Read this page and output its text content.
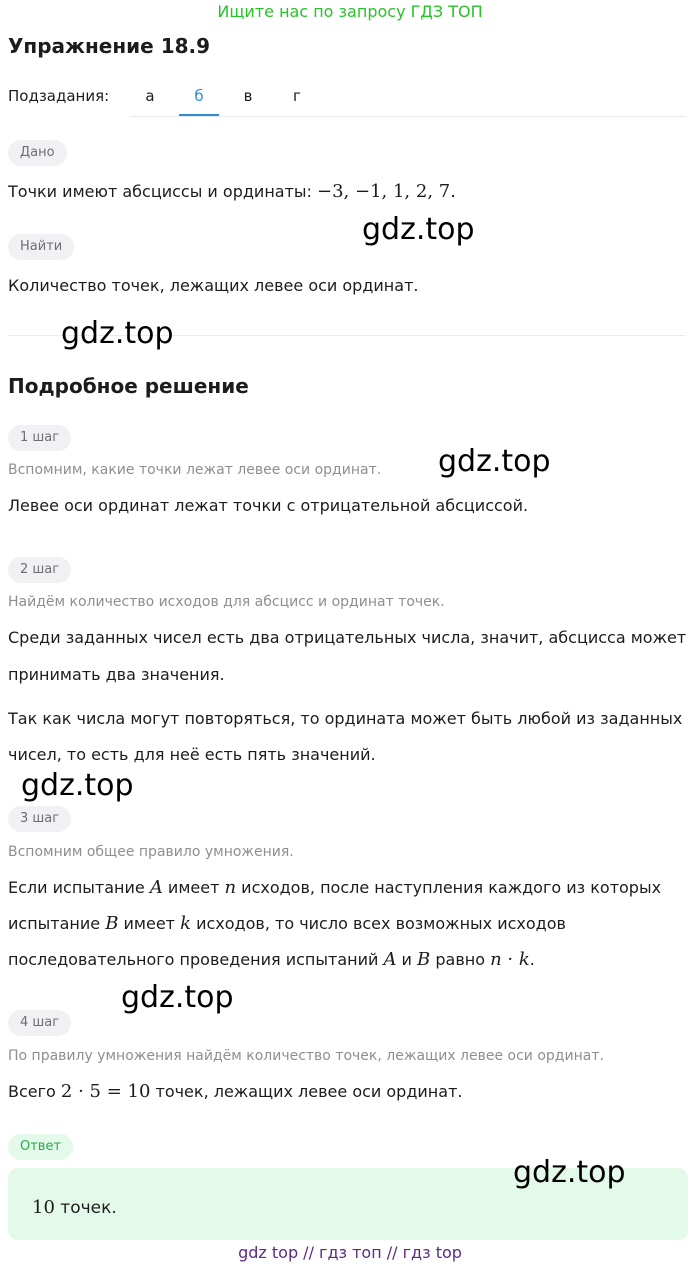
Ищите нас по запросу ГДЗ ТОП
Упражнение 18.9
Подзадания:	а	б	в	г
Дано
Точки имеют абсциссы и ординаты: −3, −1, 1, 2, 7.
Найти
Количество точек, лежащих левее оси ординат.
Подробное решение
1 шаг
Вспомним, какие точки лежат левее оси ординат.
Левее оси ординат лежат точки с отрицательной абсциссой.
2 шаг
Найдём количество исходов для абсцисс и ординат точек.
Среди заданных чисел есть два отрицательных числа, значит, абсцисса может
принимать два значения.
Так как числа могут повторяться, то ордината может быть любой из заданных
чисел, то есть для неё есть пять значений.
3 шаг
Вспомним общее правило умножения.
Если испытание A имеет n исходов, после наступления каждого из которых
испытание B имеет k исходов, то число всех возможных исходов
последовательного проведения испытаний A и B равно n · k.
4 шаг
По правилу умножения найдём количество точек, лежащих левее оси ординат.
Всего 2 · 5 = 10 точек, лежащих левее оси ординат.
Ответ
10 точек.
gdz.top
gdz.top
gdz.top
gdz.top
gdz.top
gdz.top
gdz top // гдз топ // гдз top
